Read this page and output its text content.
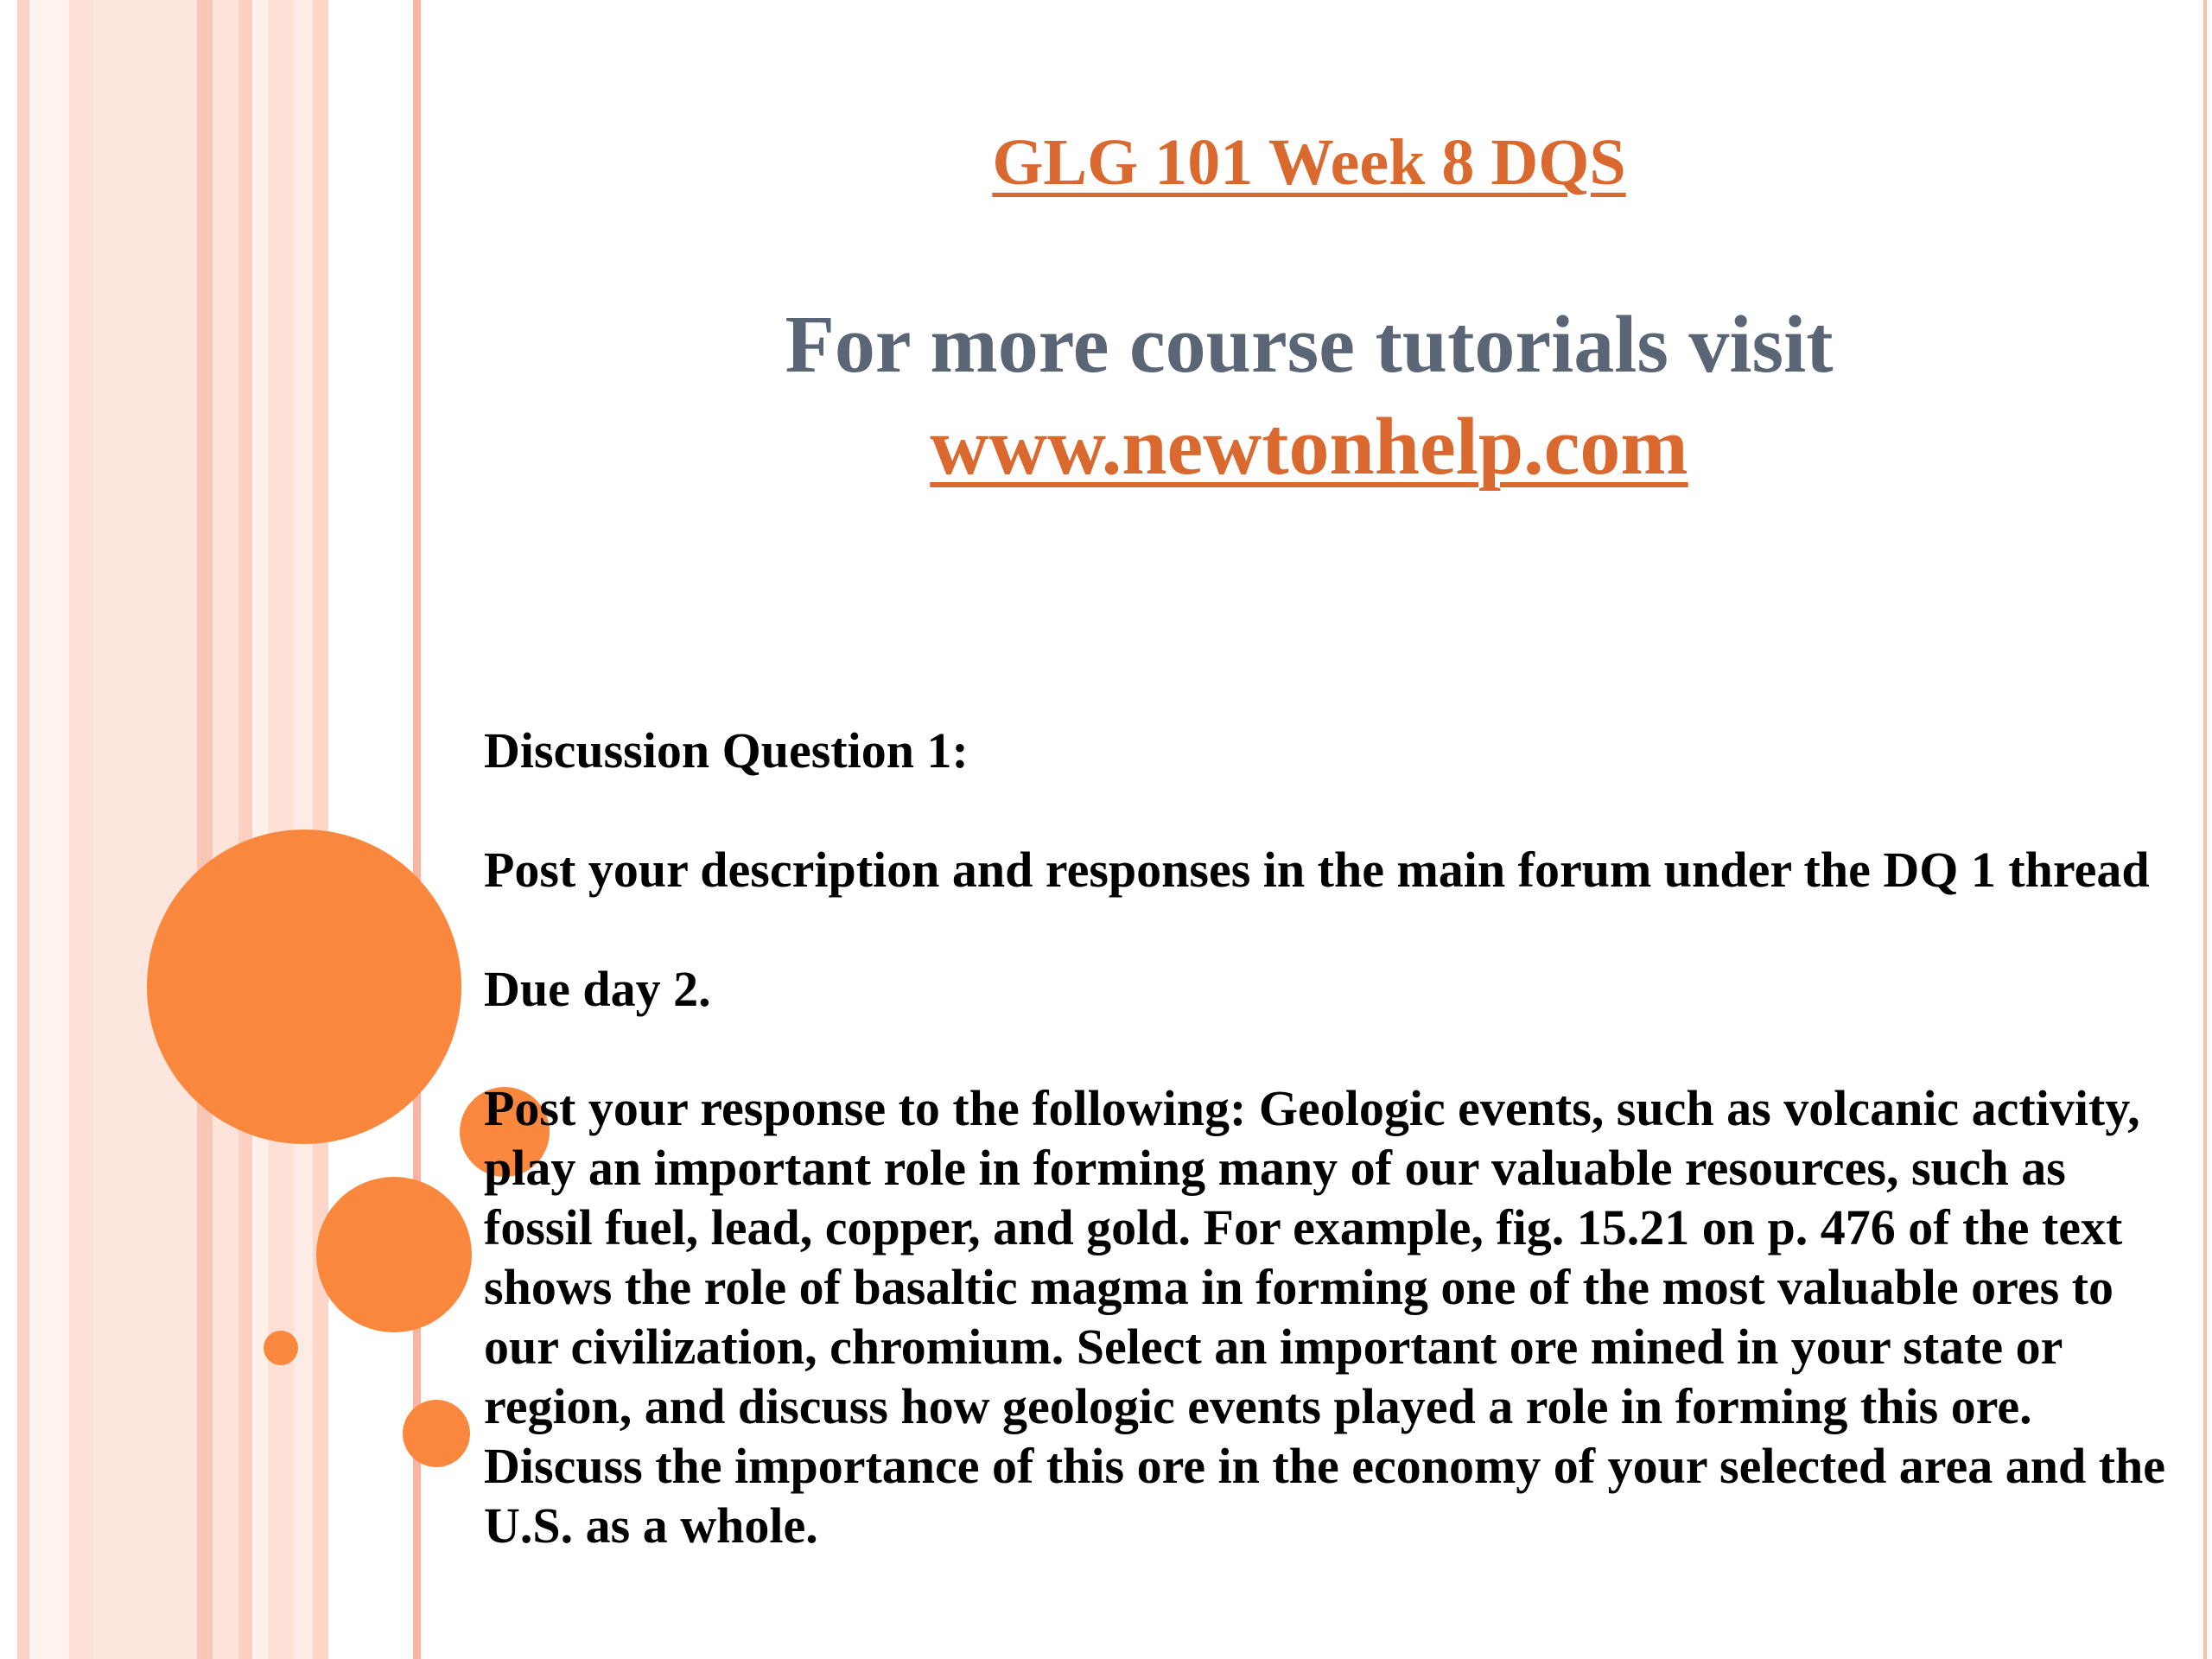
GLG 101 Week 8 DQS
For more course tutorials visit
www.newtonhelp.com
Discussion Question 1:
Post your description and responses in the main forum under the DQ 1 thread
Due day 2.
Post your response to the following: Geologic events, such as volcanic activity,
play an important role in forming many of our valuable resources, such as
fossil fuel, lead, copper, and gold. For example, fig. 15.21 on p. 476 of the text
shows the role of basaltic magma in forming one of the most valuable ores to
our civilization, chromium. Select an important ore mined in your state or
region, and discuss how geologic events played a role in forming this ore.
Discuss the importance of this ore in the economy of your selected area and the
U.S. as a whole.
